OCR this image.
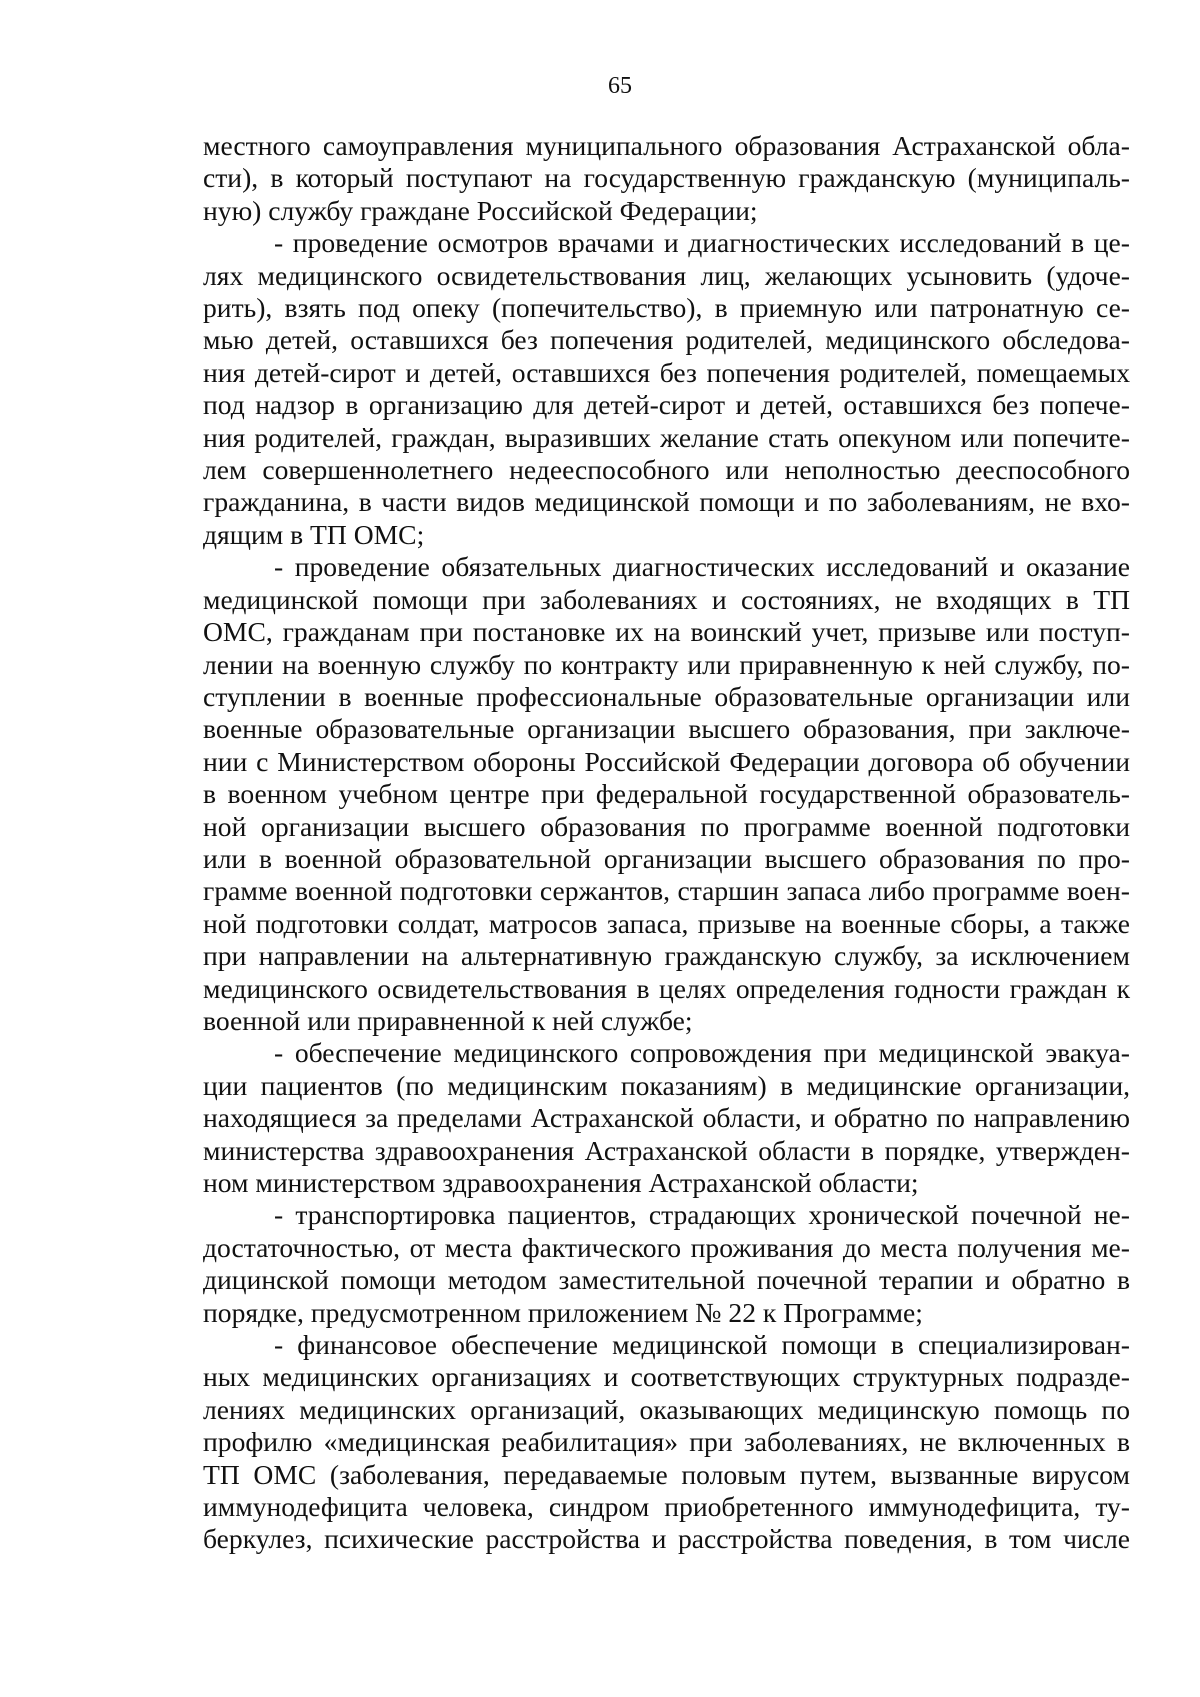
65
местного самоуправления муниципального образования Астраханской обла-
сти), в который поступают на государственную гражданскую (муниципаль-
ную) службу граждане Российской Федерации;
- проведение осмотров врачами и диагностических исследований в це-
лях медицинского освидетельствования лиц, желающих усыновить (удоче-
рить), взять под опеку (попечительство), в приемную или патронатную се-
мью детей, оставшихся без попечения родителей, медицинского обследова-
ния детей-сирот и детей, оставшихся без попечения родителей, помещаемых
под надзор в организацию для детей-сирот и детей, оставшихся без попече-
ния родителей, граждан, выразивших желание стать опекуном или попечите-
лем совершеннолетнего недееспособного или неполностью дееспособного
гражданина, в части видов медицинской помощи и по заболеваниям, не вхо-
дящим в ТП ОМС;
- проведение обязательных диагностических исследований и оказание
медицинской помощи при заболеваниях и состояниях, не входящих в ТП
ОМС, гражданам при постановке их на воинский учет, призыве или поступ-
лении на военную службу по контракту или приравненную к ней службу, по-
ступлении в военные профессиональные образовательные организации или
военные образовательные организации высшего образования, при заключе-
нии с Министерством обороны Российской Федерации договора об обучении
в военном учебном центре при федеральной государственной образователь-
ной организации высшего образования по программе военной подготовки
или в военной образовательной организации высшего образования по про-
грамме военной подготовки сержантов, старшин запаса либо программе воен-
ной подготовки солдат, матросов запаса, призыве на военные сборы, а также
при направлении на альтернативную гражданскую службу, за исключением
медицинского освидетельствования в целях определения годности граждан к
военной или приравненной к ней службе;
- обеспечение медицинского сопровождения при медицинской эвакуа-
ции пациентов (по медицинским показаниям) в медицинские организации,
находящиеся за пределами Астраханской области, и обратно по направлению
министерства здравоохранения Астраханской области в порядке, утвержден-
ном министерством здравоохранения Астраханской области;
- транспортировка пациентов, страдающих хронической почечной не-
достаточностью, от места фактического проживания до места получения ме-
дицинской помощи методом заместительной почечной терапии и обратно в
порядке, предусмотренном приложением № 22 к Программе;
- финансовое обеспечение медицинской помощи в специализирован-
ных медицинских организациях и соответствующих структурных подразде-
лениях медицинских организаций, оказывающих медицинскую помощь по
профилю «медицинская реабилитация» при заболеваниях, не включенных в
ТП ОМС (заболевания, передаваемые половым путем, вызванные вирусом
иммунодефицита человека, синдром приобретенного иммунодефицита, ту-
беркулез, психические расстройства и расстройства поведения, в том числе
